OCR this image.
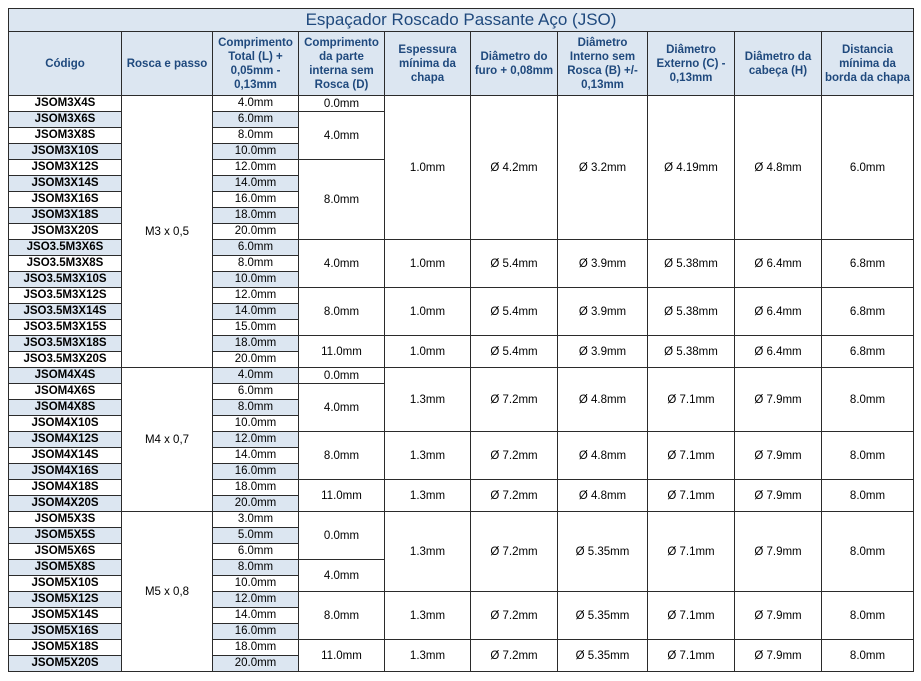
Espaçador Roscado Passante Aço (JSO)									
Código	Rosca e passo	Comprimento Total (L) + 0,05mm - 0,13mm	Comprimento da parte interna sem Rosca (D)	Espessura mínima da chapa	Diâmetro do furo + 0,08mm	Diâmetro Interno sem Rosca (B) +/- 0,13mm	Diâmetro Externo (C) - 0,13mm	Diâmetro da cabeça (H)	Distancia mínima da borda da chapa
JSOM3X4S	M3 x 0,5	4.0mm	0.0mm	1.0mm	Ø 4.2mm	Ø 3.2mm	Ø 4.19mm	Ø 4.8mm	6.0mm
JSOM3X6S		6.0mm	4.0mm						
JSOM3X8S		8.0mm							
JSOM3X10S		10.0mm							
JSOM3X12S		12.0mm	8.0mm						
JSOM3X14S		14.0mm							
JSOM3X16S		16.0mm							
JSOM3X18S		18.0mm							
JSOM3X20S		20.0mm							
JSO3.5M3X6S		6.0mm	4.0mm	1.0mm	Ø 5.4mm	Ø 3.9mm	Ø 5.38mm	Ø 6.4mm	6.8mm
JSO3.5M3X8S		8.0mm							
JSO3.5M3X10S		10.0mm							
JSO3.5M3X12S		12.0mm	8.0mm	1.0mm	Ø 5.4mm	Ø 3.9mm	Ø 5.38mm	Ø 6.4mm	6.8mm
JSO3.5M3X14S		14.0mm							
JSO3.5M3X15S		15.0mm							
JSO3.5M3X18S		18.0mm	11.0mm	1.0mm	Ø 5.4mm	Ø 3.9mm	Ø 5.38mm	Ø 6.4mm	6.8mm
JSO3.5M3X20S		20.0mm							
JSOM4X4S	M4 x 0,7	4.0mm	0.0mm	1.3mm	Ø 7.2mm	Ø 4.8mm	Ø 7.1mm	Ø 7.9mm	8.0mm
JSOM4X6S		6.0mm	4.0mm						
JSOM4X8S		8.0mm							
JSOM4X10S		10.0mm							
JSOM4X12S		12.0mm	8.0mm	1.3mm	Ø 7.2mm	Ø 4.8mm	Ø 7.1mm	Ø 7.9mm	8.0mm
JSOM4X14S		14.0mm							
JSOM4X16S		16.0mm							
JSOM4X18S		18.0mm	11.0mm	1.3mm	Ø 7.2mm	Ø 4.8mm	Ø 7.1mm	Ø 7.9mm	8.0mm
JSOM4X20S		20.0mm							
JSOM5X3S	M5 x 0,8	3.0mm	0.0mm	1.3mm	Ø 7.2mm	Ø 5.35mm	Ø 7.1mm	Ø 7.9mm	8.0mm
JSOM5X5S		5.0mm							
JSOM5X6S		6.0mm							
JSOM5X8S		8.0mm	4.0mm						
JSOM5X10S		10.0mm							
JSOM5X12S		12.0mm	8.0mm	1.3mm	Ø 7.2mm	Ø 5.35mm	Ø 7.1mm	Ø 7.9mm	8.0mm
JSOM5X14S		14.0mm							
JSOM5X16S		16.0mm							
JSOM5X18S		18.0mm	11.0mm	1.3mm	Ø 7.2mm	Ø 5.35mm	Ø 7.1mm	Ø 7.9mm	8.0mm
JSOM5X20S		20.0mm							
